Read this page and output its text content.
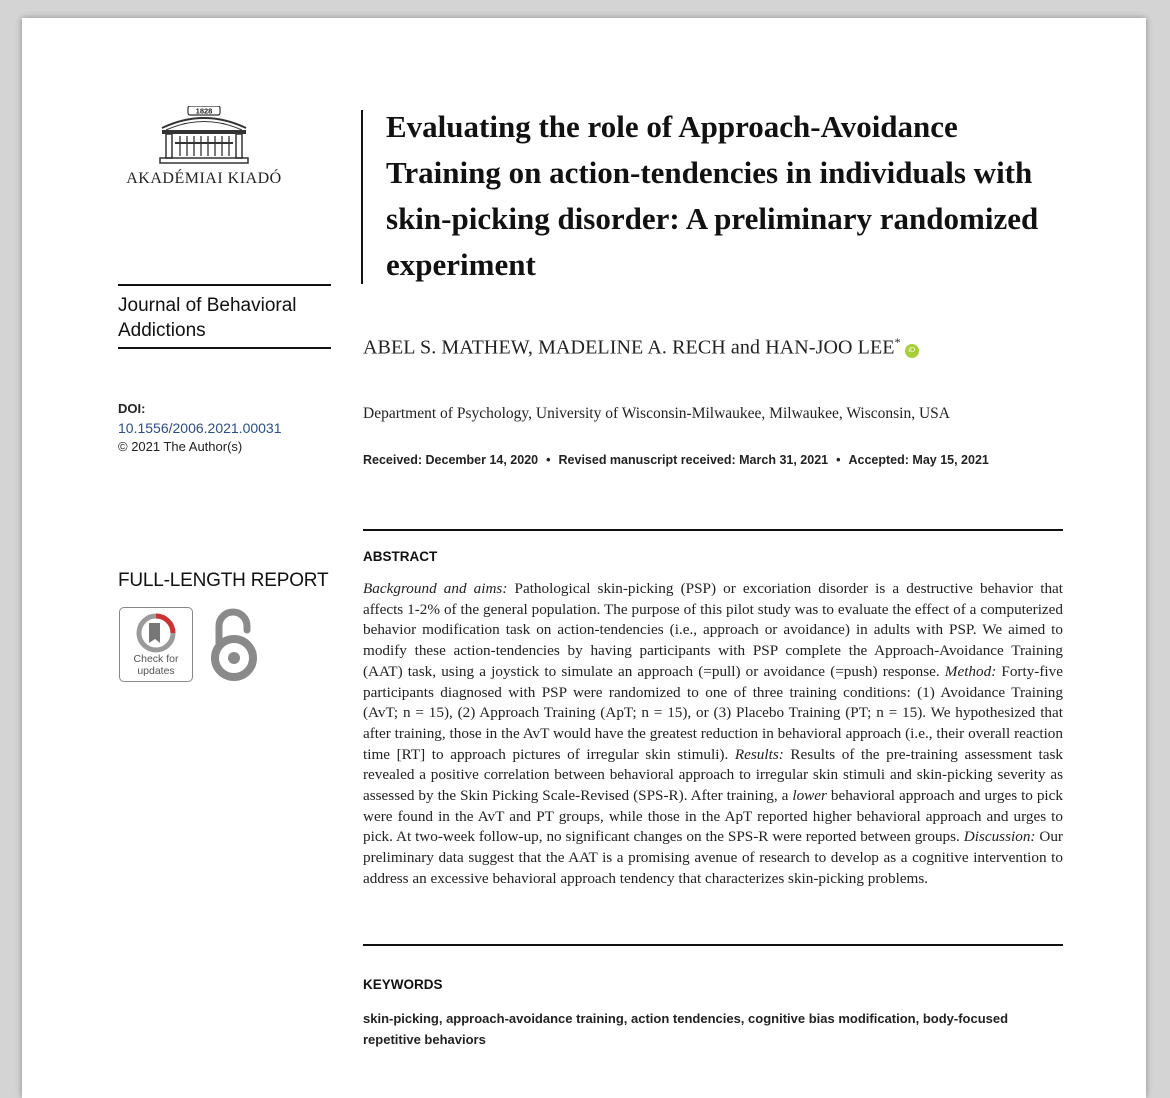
1828
AKADÉMIAI KIADÓ
Journal of Behavioral Addictions
DOI:
10.1556/2006.2021.00031
© 2021 The Author(s)
FULL-LENGTH REPORT
Check for
updates
Evaluating the role of Approach-Avoidance Training on action-tendencies in individuals with skin-picking disorder: A preliminary randomized experiment
ABEL S. MATHEW, MADELINE A. RECH and HAN-JOO LEE*iD
Department of Psychology, University of Wisconsin-Milwaukee, Milwaukee, Wisconsin, USA
Received: December 14, 2020 • Revised manuscript received: March 31, 2021 • Accepted: May 15, 2021
ABSTRACT
Background and aims: Pathological skin-picking (PSP) or excoriation disorder is a destructive behavior that affects 1-2% of the general population. The purpose of this pilot study was to evaluate the effect of a computerized behavior modification task on action-tendencies (i.e., approach or avoidance) in adults with PSP. We aimed to modify these action-tendencies by having participants with PSP complete the Approach-Avoidance Training (AAT) task, using a joystick to simulate an approach (=pull) or avoidance (=push) response. Method: Forty-five participants diagnosed with PSP were randomized to one of three training conditions: (1) Avoidance Training (AvT; n = 15), (2) Approach Training (ApT; n = 15), or (3) Placebo Training (PT; n = 15). We hypothesized that after training, those in the AvT would have the greatest reduction in behavioral approach (i.e., their overall reaction time [RT] to approach pictures of irregular skin stimuli). Results: Results of the pre-training assessment task revealed a positive correlation between behavioral approach to irregular skin stimuli and skin-picking severity as assessed by the Skin Picking Scale-Revised (SPS-R). After training, a lower behavioral approach and urges to pick were found in the AvT and PT groups, while those in the ApT reported higher behavioral approach and urges to pick. At two-week follow-up, no significant changes on the SPS-R were reported between groups. Discussion: Our preliminary data suggest that the AAT is a promising avenue of research to develop as a cognitive intervention to address an excessive behavioral approach tendency that characterizes skin-picking problems.
KEYWORDS
skin-picking, approach-avoidance training, action tendencies, cognitive bias modification, body-focused repetitive behaviors
